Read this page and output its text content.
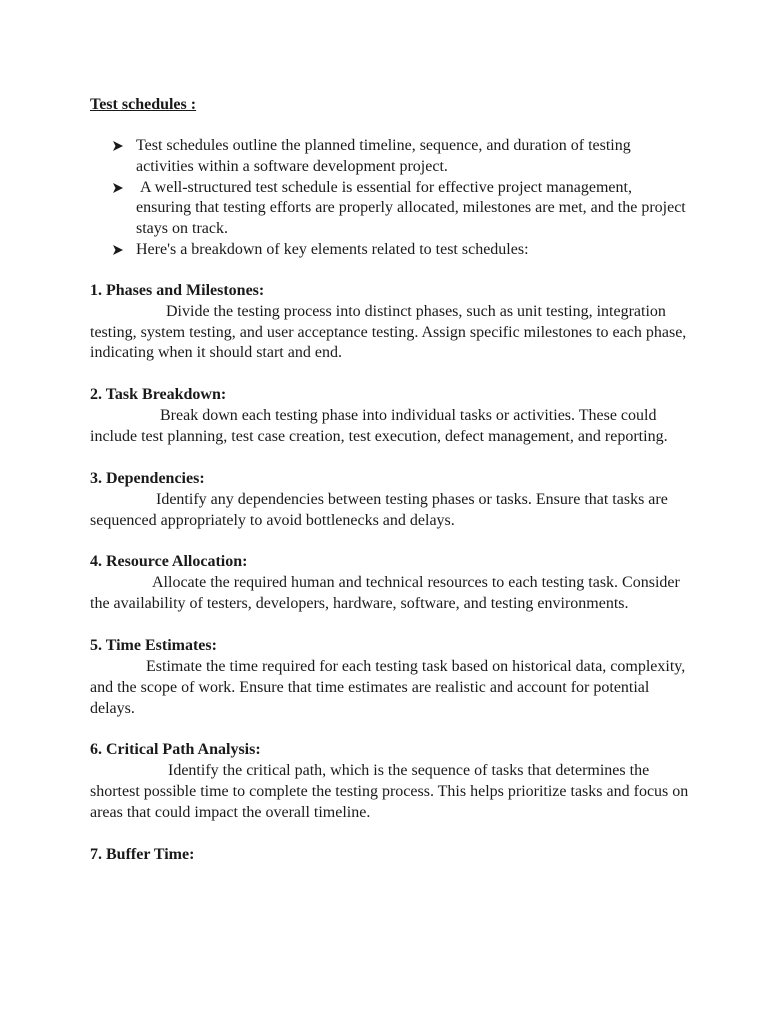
Test schedules :
Test schedules outline the planned timeline, sequence, and duration of testing activities within a software development project.
A well-structured test schedule is essential for effective project management, ensuring that testing efforts are properly allocated, milestones are met, and the project stays on track.
Here's a breakdown of key elements related to test schedules:
1. Phases and Milestones:

Divide the testing process into distinct phases, such as unit testing, integration testing, system testing, and user acceptance testing. Assign specific milestones to each phase, indicating when it should start and end.

2. Task Breakdown:

Break down each testing phase into individual tasks or activities. These could include test planning, test case creation, test execution, defect management, and reporting.

3. Dependencies:

Identify any dependencies between testing phases or tasks. Ensure that tasks are sequenced appropriately to avoid bottlenecks and delays.

4. Resource Allocation:

Allocate the required human and technical resources to each testing task. Consider the availability of testers, developers, hardware, software, and testing environments.

5. Time Estimates:

Estimate the time required for each testing task based on historical data, complexity, and the scope of work. Ensure that time estimates are realistic and account for potential delays.

6. Critical Path Analysis:

Identify the critical path, which is the sequence of tasks that determines the shortest possible time to complete the testing process. This helps prioritize tasks and focus on areas that could impact the overall timeline.

7. Buffer Time:
